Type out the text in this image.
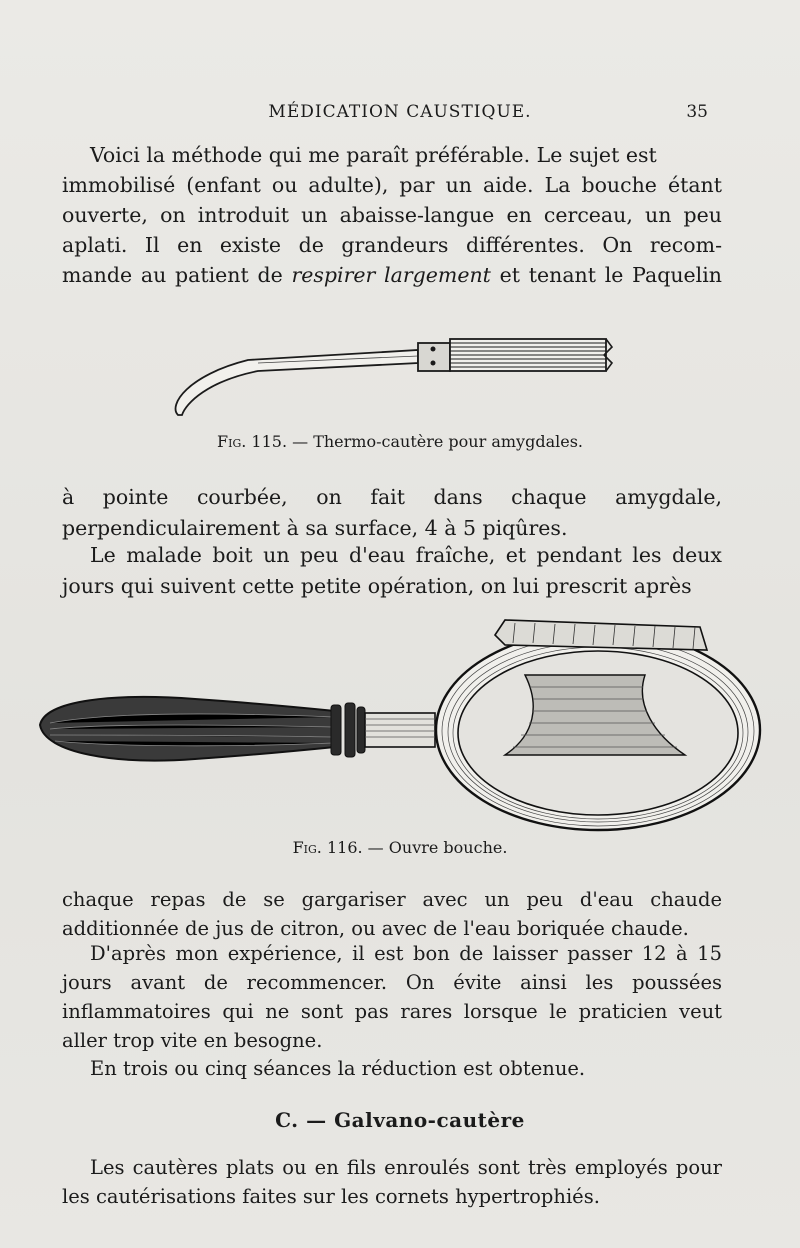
MÉDICATION CAUSTIQUE.	35

Voici la méthode qui me paraît préférable. Le sujet est

immobilisé (enfant ou adulte), par un aide. La bouche étant

ouverte, on introduit un abaisse-langue en cerceau, un peu

aplati. Il en existe de grandeurs différentes. On recom-

mande au patient de respirer largement et tenant le Paquelin

Fig. 115. — Thermo-cautère pour amygdales.

à pointe courbée, on fait dans chaque amygdale, perpendiculairement à sa surface, 4 à 5 piqûres.

Le malade boit un peu d'eau fraîche, et pendant les deux jours qui suivent cette petite opération, on lui prescrit après

Fig. 116. — Ouvre bouche.

chaque repas de se gargariser avec un peu d'eau chaude additionnée de jus de citron, ou avec de l'eau boriquée chaude.

D'après mon expérience, il est bon de laisser passer 12 à 15 jours avant de recommencer. On évite ainsi les poussées inflammatoires qui ne sont pas rares lorsque le praticien veut aller trop vite en besogne.

En trois ou cinq séances la réduction est obtenue.

C. — Galvano-cautère

Les cautères plats ou en fils enroulés sont très employés pour les cautérisations faites sur les cornets hypertrophiés.
